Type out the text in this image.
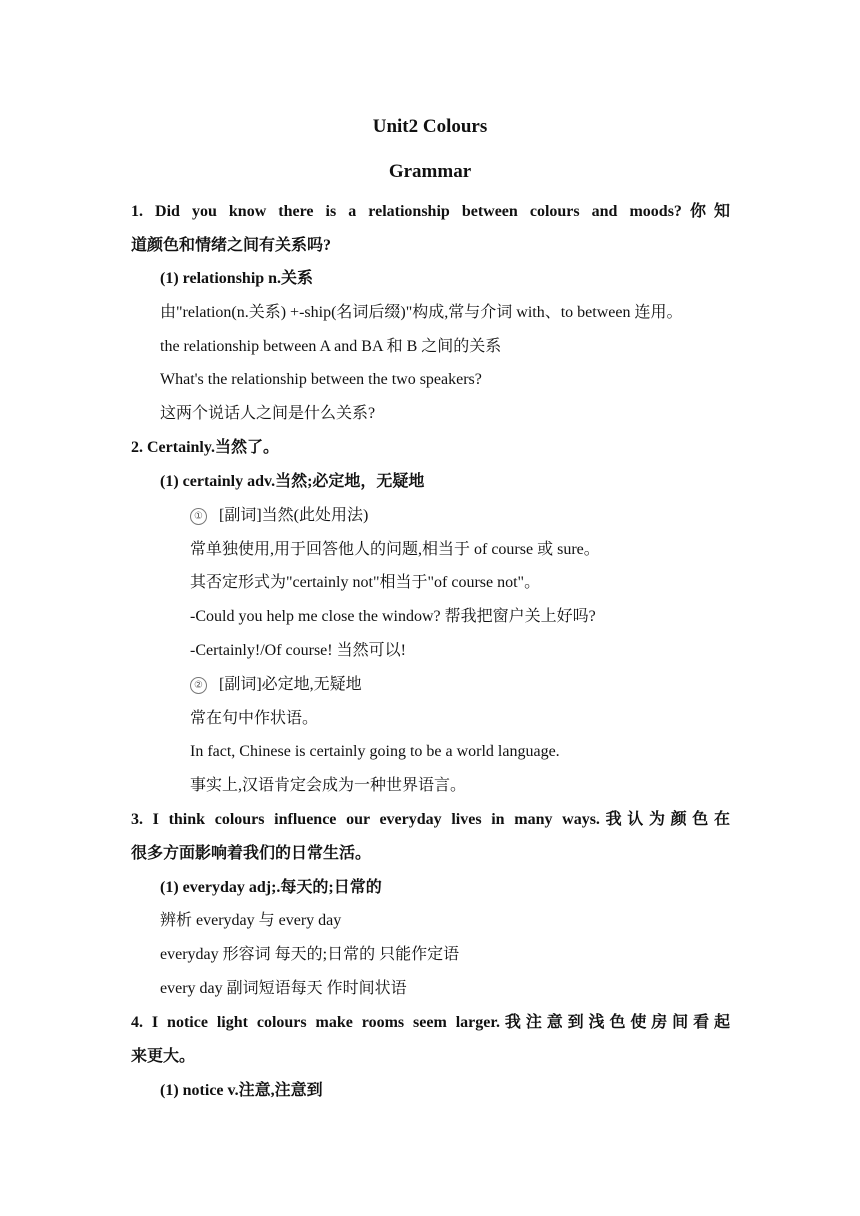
Unit2 Colours
Grammar
1. Did you know there is a relationship between colours and moods?你知
道颜色和情绪之间有关系吗?
(1) relationship n.关系
由"relation(n.关系) +-ship(名词后缀)"构成,常与介词 with、to between 连用。
the relationship between A and BA 和 B 之间的关系
What's the relationship between the two speakers?
这两个说话人之间是什么关系?
2. Certainly.当然了。
(1) certainly adv.当然;必定地，无疑地
① [副词]当然(此处用法)
常单独使用,用于回答他人的问题,相当于 of course 或 sure。
其否定形式为"certainly not"相当于"of course not"。
-Could you help me close the window? 帮我把窗户关上好吗?
-Certainly!/Of course! 当然可以!
② [副词]必定地,无疑地
常在句中作状语。
In fact, Chinese is certainly going to be a world language.
事实上,汉语肯定会成为一种世界语言。
3. I think colours influence our everyday lives in many ways.我认为颜色在
很多方面影响着我们的日常生活。
(1) everyday adj;.每天的;日常的
辨析 everyday 与 every day
everyday 形容词 每天的;日常的 只能作定语
every day 副词短语每天 作时间状语
4. I notice light colours make rooms seem larger.我注意到浅色使房间看起
来更大。
(1) notice v.注意,注意到
